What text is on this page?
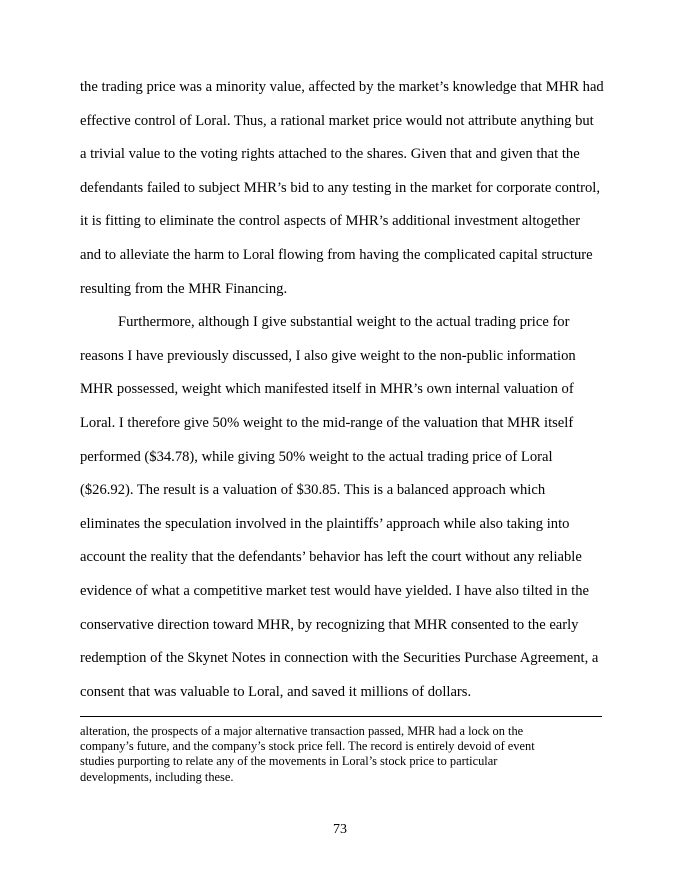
the trading price was a minority value, affected by the market’s knowledge that MHR had
effective control of Loral. Thus, a rational market price would not attribute anything but
a trivial value to the voting rights attached to the shares. Given that and given that the
defendants failed to subject MHR’s bid to any testing in the market for corporate control,
it is fitting to eliminate the control aspects of MHR’s additional investment altogether
and to alleviate the harm to Loral flowing from having the complicated capital structure
resulting from the MHR Financing.
Furthermore, although I give substantial weight to the actual trading price for
reasons I have previously discussed, I also give weight to the non-public information
MHR possessed, weight which manifested itself in MHR’s own internal valuation of
Loral. I therefore give 50% weight to the mid-range of the valuation that MHR itself
performed ($34.78), while giving 50% weight to the actual trading price of Loral
($26.92). The result is a valuation of $30.85. This is a balanced approach which
eliminates the speculation involved in the plaintiffs’ approach while also taking into
account the reality that the defendants’ behavior has left the court without any reliable
evidence of what a competitive market test would have yielded. I have also tilted in the
conservative direction toward MHR, by recognizing that MHR consented to the early
redemption of the Skynet Notes in connection with the Securities Purchase Agreement, a
consent that was valuable to Loral, and saved it millions of dollars.
alteration, the prospects of a major alternative transaction passed, MHR had a lock on the
company’s future, and the company’s stock price fell. The record is entirely devoid of event
studies purporting to relate any of the movements in Loral’s stock price to particular
developments, including these.
73
